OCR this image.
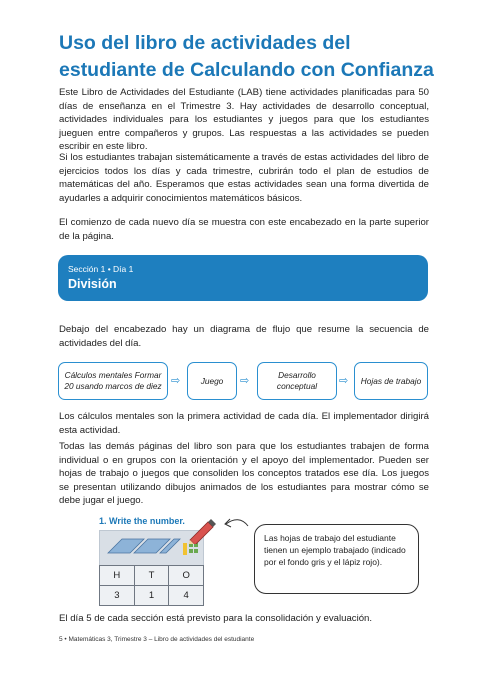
Uso del libro de actividades del estudiante de Calculando con Confianza

Este Libro de Actividades del Estudiante (LAB) tiene actividades planificadas para 50 días de enseñanza en el Trimestre 3. Hay actividades de desarrollo conceptual, actividades individuales para los estudiantes y juegos para que los estudiantes jueguen entre compañeros y grupos. Las respuestas a las actividades se pueden escribir en este libro.

Si los estudiantes trabajan sistemáticamente a través de estas actividades del libro de ejercicios todos los días y cada trimestre, cubrirán todo el plan de estudios de matemáticas del año. Esperamos que estas actividades sean una forma divertida de ayudarles a adquirir conocimientos matemáticos básicos.

El comienzo de cada nuevo día se muestra con este encabezado en la parte superior de la página.

Sección 1 • Día 1
División

Debajo del encabezado hay un diagrama de flujo que resume la secuencia de actividades del día.

Cálculos mentales Formar 20 usando marcos de diez ⇨ Juego ⇨	Desarrollo conceptual	⇨ Hojas de trabajo

Los cálculos mentales son la primera actividad de cada día. El implementador dirigirá esta actividad.

Todas las demás páginas del libro son para que los estudiantes trabajen de forma individual o en grupos con la orientación y el apoyo del implementador. Pueden ser hojas de trabajo o juegos que consoliden los conceptos tratados ese día. Los juegos se presentan utilizando dibujos animados de los estudiantes para mostrar cómo se debe jugar el juego.

1. Write the number.
H	T	O
3	1	4
Las hojas de trabajo del estudiante tienen un ejemplo trabajado (indicado por el fondo gris y el lápiz rojo).

El día 5 de cada sección está previsto para la consolidación y evaluación.

5 • Matemáticas 3, Trimestre 3 – Libro de actividades del estudiante
